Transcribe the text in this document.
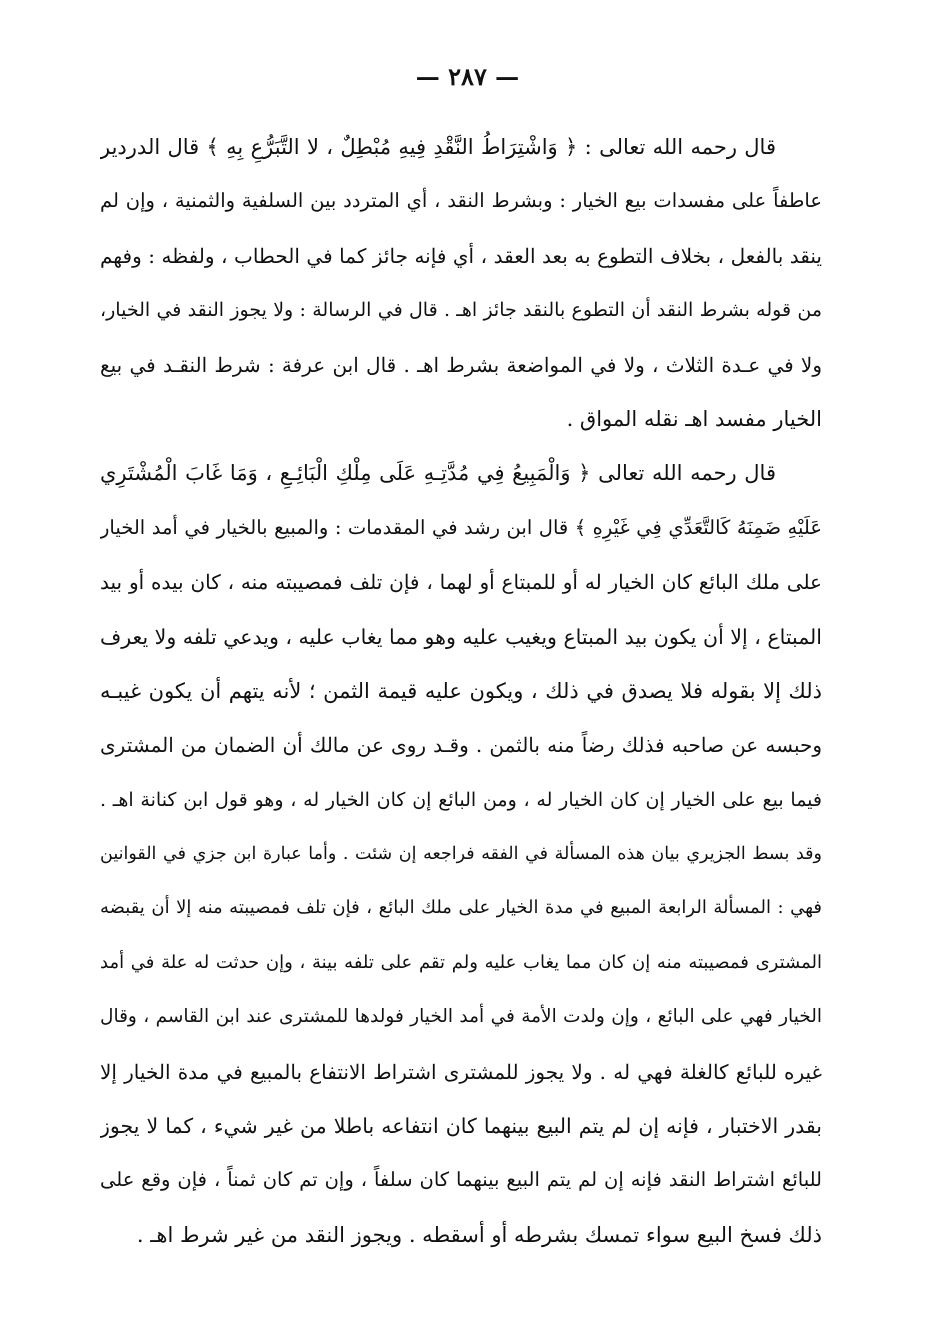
— ٢٨٧ —
قال رحمه الله تعالى : ﴿ وَاشْتِرَاطُ النَّقْدِ فِيهِ مُبْطِلٌ ، لا التَّبَرُّعِ بِهِ ﴾ قال الدردير
عاطفاً على مفسدات بيع الخيار : وبشرط النقد ، أي المتردد بين السلفية والثمنية ، وإن لم
ينقد بالفعل ، بخلاف التطوع به بعد العقد ، أي فإنه جائز كما في الحطاب ، ولفظه : وفهم
من قوله بشرط النقد أن التطوع بالنقد جائز اهـ . قال في الرسالة : ولا يجوز النقد في الخيار،
ولا في عـدة الثلاث ، ولا في المواضعة بشرط اهـ . قال ابن عرفة : شرط النقـد في بيع
الخيار مفسد اهـ نقله المواق .
قال رحمه الله تعالى ﴿ وَالْمَبِيعُ فِي مُدَّتِـهِ عَلَى مِلْكِ الْبَائِـعِ ، وَمَا غَابَ الْمُشْتَرِي
عَلَيْهِ ضَمِنَهُ كَالتَّعَدِّي فِي غَيْرِهِ ﴾ قال ابن رشد في المقدمات : والمبيع بالخيار في أمد الخيار
على ملك البائع كان الخيار له أو للمبتاع أو لهما ، فإن تلف فمصيبته منه ، كان بيده أو بيد
المبتاع ، إلا أن يكون بيد المبتاع ويغيب عليه وهو مما يغاب عليه ، ويدعي تلفه ولا يعرف
ذلك إلا بقوله فلا يصدق في ذلك ، ويكون عليه قيمة الثمن ؛ لأنه يتهم أن يكون غيبـه
وحبسه عن صاحبه فذلك رضاً منه بالثمن . وقـد روى عن مالك أن الضمان من المشترى
فيما بيع على الخيار إن كان الخيار له ، ومن البائع إن كان الخيار له ، وهو قول ابن كنانة اهـ .
وقد بسط الجزيري بيان هذه المسألة في الفقه فراجعه إن شئت . وأما عبارة ابن جزي في القوانين
فهي : المسألة الرابعة المبيع في مدة الخيار على ملك البائع ، فإن تلف فمصيبته منه إلا أن يقبضه
المشترى فمصيبته منه إن كان مما يغاب عليه ولم تقم على تلفه بينة ، وإن حدثت له علة في أمد
الخيار فهي على البائع ، وإن ولدت الأمة في أمد الخيار فولدها للمشترى عند ابن القاسم ، وقال
غيره للبائع كالغلة فهي له . ولا يجوز للمشترى اشتراط الانتفاع بالمبيع في مدة الخيار إلا
بقدر الاختبار ، فإنه إن لم يتم البيع بينهما كان انتفاعه باطلا من غير شيء ، كما لا يجوز
للبائع اشتراط النقد فإنه إن لم يتم البيع بينهما كان سلفاً ، وإن تم كان ثمناً ، فإن وقع على
ذلك فسخ البيع سواء تمسك بشرطه أو أسقطه . ويجوز النقد من غير شرط اهـ .
